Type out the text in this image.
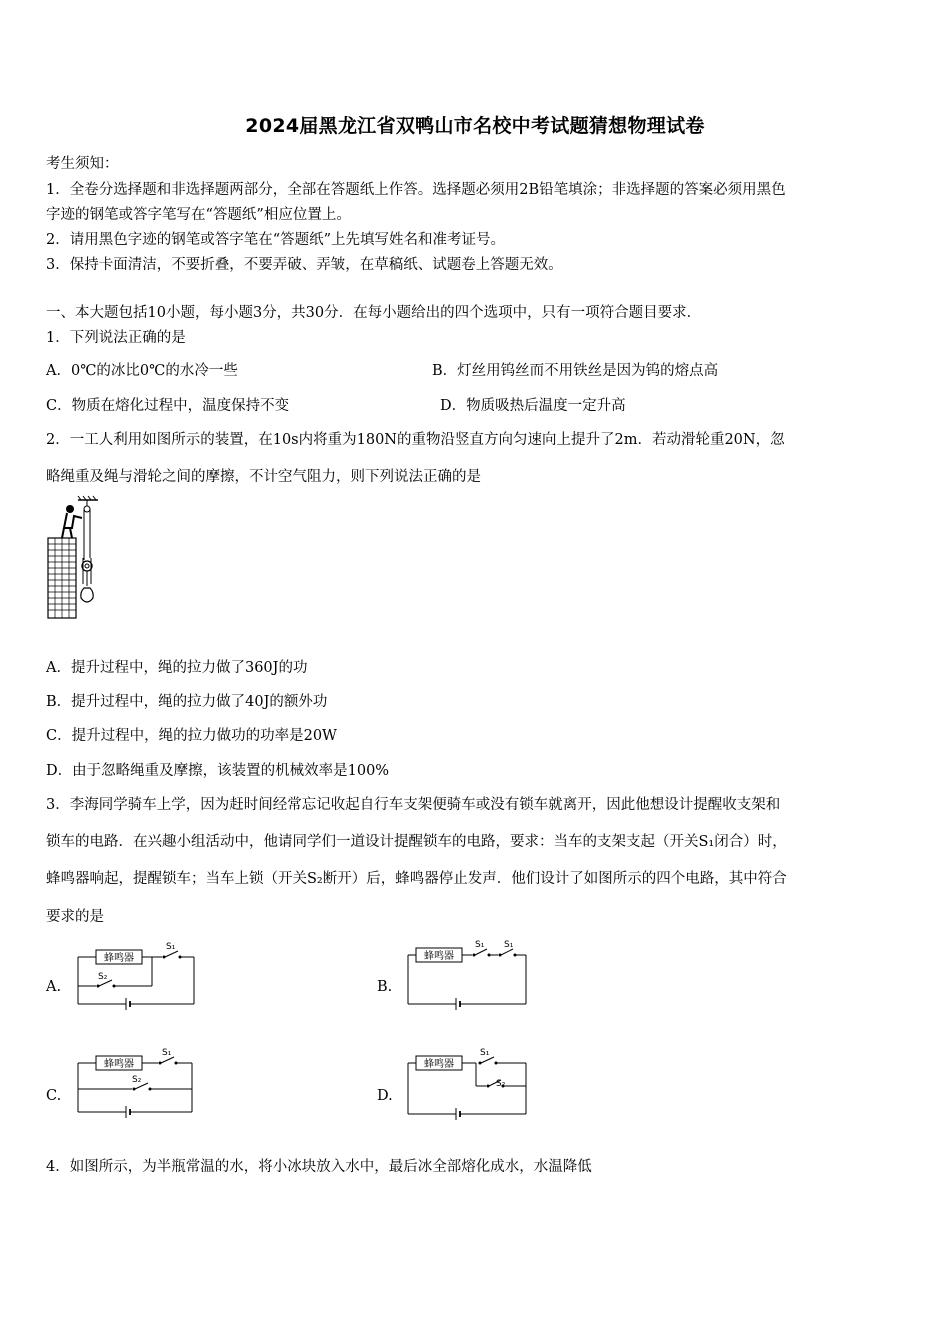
2024届黑龙江省双鸭山市名校中考试题猜想物理试卷
考生须知：
1．全卷分选择题和非选择题两部分，全部在答题纸上作答。选择题必须用2B铅笔填涂；非选择题的答案必须用黑色
字迹的钢笔或答字笔写在“答题纸”相应位置上。
2．请用黑色字迹的钢笔或答字笔在“答题纸”上先填写姓名和准考证号。
3．保持卡面清洁，不要折叠，不要弄破、弄皱，在草稿纸、试题卷上答题无效。
一、本大题包括10小题，每小题3分，共30分．在每小题给出的四个选项中，只有一项符合题目要求．
1．下列说法正确的是
A．0℃的冰比0℃的水冷一些	B．灯丝用钨丝而不用铁丝是因为钨的熔点高
C．物质在熔化过程中，温度保持不变	D．物质吸热后温度一定升高
2．一工人利用如图所示的装置，在10s内将重为180N的重物沿竖直方向匀速向上提升了2m．若动滑轮重20N，忽
略绳重及绳与滑轮之间的摩擦，不计空气阻力，则下列说法正确的是
A．提升过程中，绳的拉力做了360J的功
B．提升过程中，绳的拉力做了40J的额外功
C．提升过程中，绳的拉力做功的功率是20W
D．由于忽略绳重及摩擦，该装置的机械效率是100%
3．李海同学骑车上学，因为赶时间经常忘记收起自行车支架便骑车或没有锁车就离开，因此他想设计提醒收支架和
锁车的电路．在兴趣小组活动中，他请同学们一道设计提醒锁车的电路，要求：当车的支架支起（开关S₁闭合）时，
蜂鸣器响起，提醒锁车；当车上锁（开关S₂断开）后，蜂鸣器停止发声．他们设计了如图所示的四个电路，其中符合
要求的是
A.
蜂鸣器
S₁
S₂
B.
蜂鸣器
S₁ S₁
C.
蜂鸣器
S₁
S₂
D.
蜂鸣器
S₁
S₂
4．如图所示，为半瓶常温的水，将小冰块放入水中，最后冰全部熔化成水，水温降低
